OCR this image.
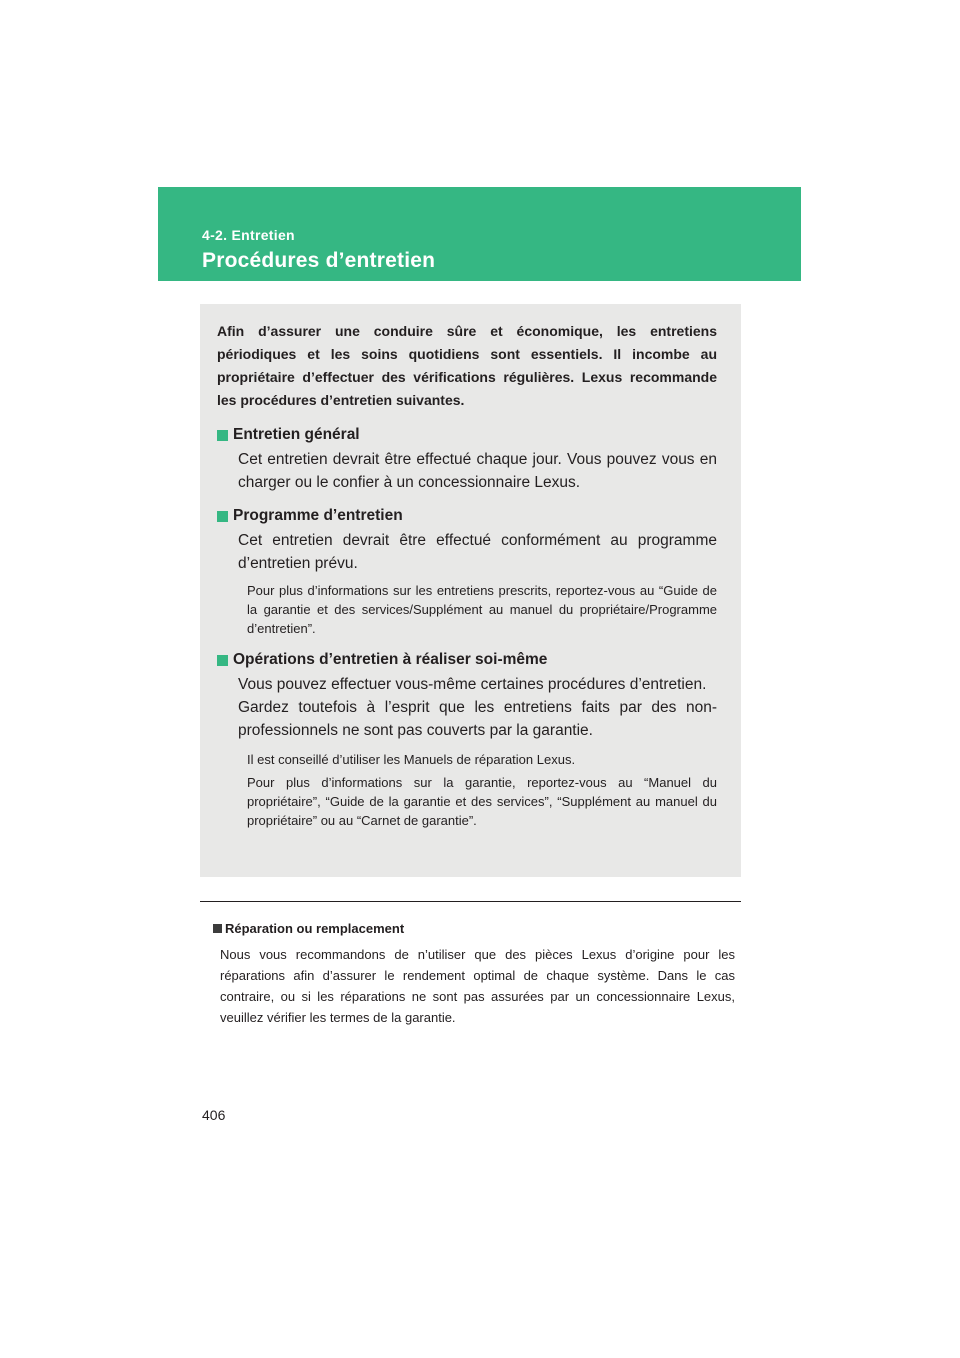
4-2. Entretien
Procédures d’entretien

Afin d’assurer une conduire sûre et économique, les entretiens périodiques et les soins quotidiens sont essentiels. Il incombe au propriétaire d’effectuer des vérifications régulières. Lexus recommande les procédures d’entretien suivantes.

Entretien général

Cet entretien devrait être effectué chaque jour. Vous pouvez vous en charger ou le confier à un concessionnaire Lexus.

Programme d’entretien

Cet entretien devrait être effectué conformément au programme d’entretien prévu.

Pour plus d’informations sur les entretiens prescrits, reportez-vous au “Guide de la garantie et des services/Supplément au manuel du propriétaire/Programme d’entretien”.

Opérations d’entretien à réaliser soi-même

Vous pouvez effectuer vous-même certaines procédures d’entretien.

Gardez toutefois à l’esprit que les entretiens faits par des non-professionnels ne sont pas couverts par la garantie.

Il est conseillé d’utiliser les Manuels de réparation Lexus.

Pour plus d’informations sur la garantie, reportez-vous au “Manuel du propriétaire”, “Guide de la garantie et des services”, “Supplément au manuel du propriétaire” ou au “Carnet de garantie”.

Réparation ou remplacement

Nous vous recommandons de n’utiliser que des pièces Lexus d’origine pour les réparations afin d’assurer le rendement optimal de chaque système. Dans le cas contraire, ou si les réparations ne sont pas assurées par un concessionnaire Lexus, veuillez vérifier les termes de la garantie.

406
